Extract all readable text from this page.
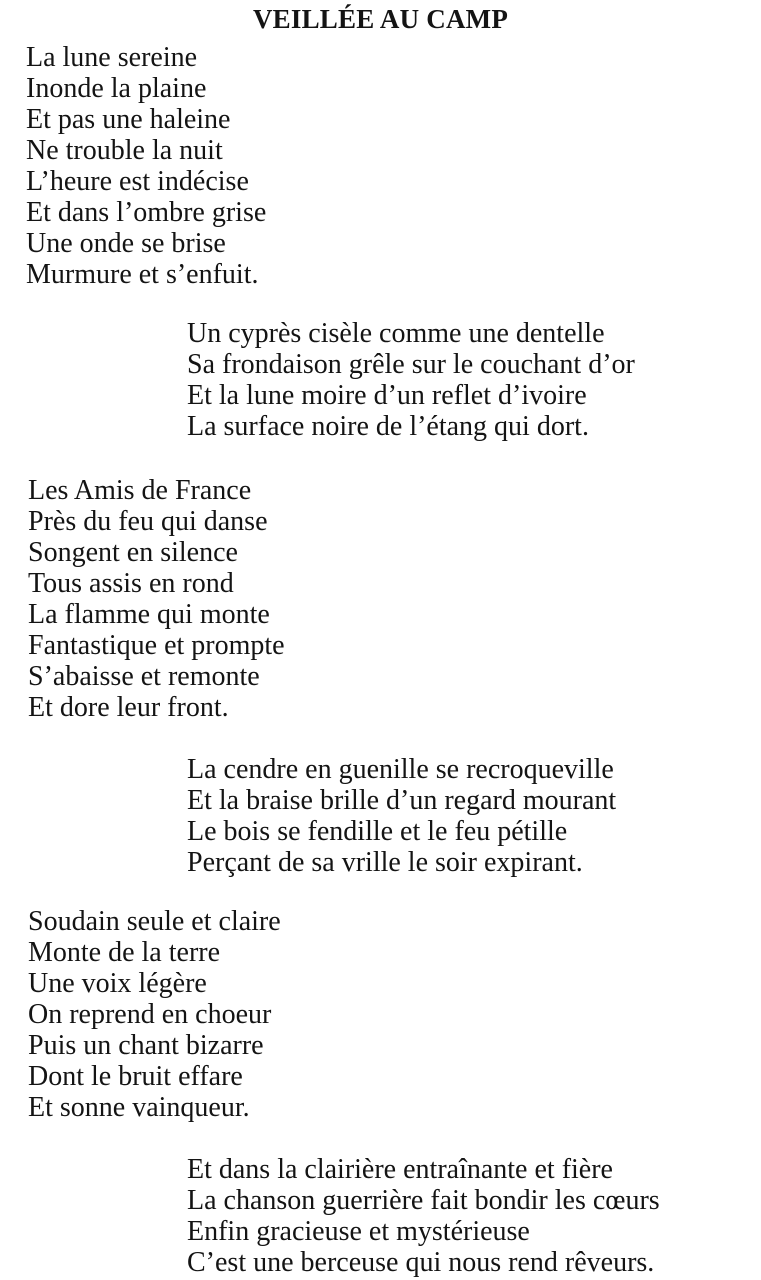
VEILLÉE AU CAMP
La lune sereine
Inonde la plaine
Et pas une haleine
Ne trouble la nuit
L’heure est indécise
Et dans l’ombre grise
Une onde se brise
Murmure et s’enfuit.
Un cyprès cisèle comme une dentelle
Sa frondaison grêle sur le couchant d’or
Et la lune moire d’un reflet d’ivoire
La surface noire de l’étang qui dort.
Les Amis de France
Près du feu qui danse
Songent en silence
Tous assis en rond
La flamme qui monte
Fantastique et prompte
S’abaisse et remonte
Et dore leur front.
La cendre en guenille se recroqueville
Et la braise brille d’un regard mourant
Le bois se fendille et le feu pétille
Perçant de sa vrille le soir expirant.
Soudain seule et claire
Monte de la terre
Une voix légère
On reprend en choeur
Puis un chant bizarre
Dont le bruit effare
Et sonne vainqueur.
Et dans la clairière entraînante et fière
La chanson guerrière fait bondir les cœurs
Enfin gracieuse et mystérieuse
C’est une berceuse qui nous rend rêveurs.
